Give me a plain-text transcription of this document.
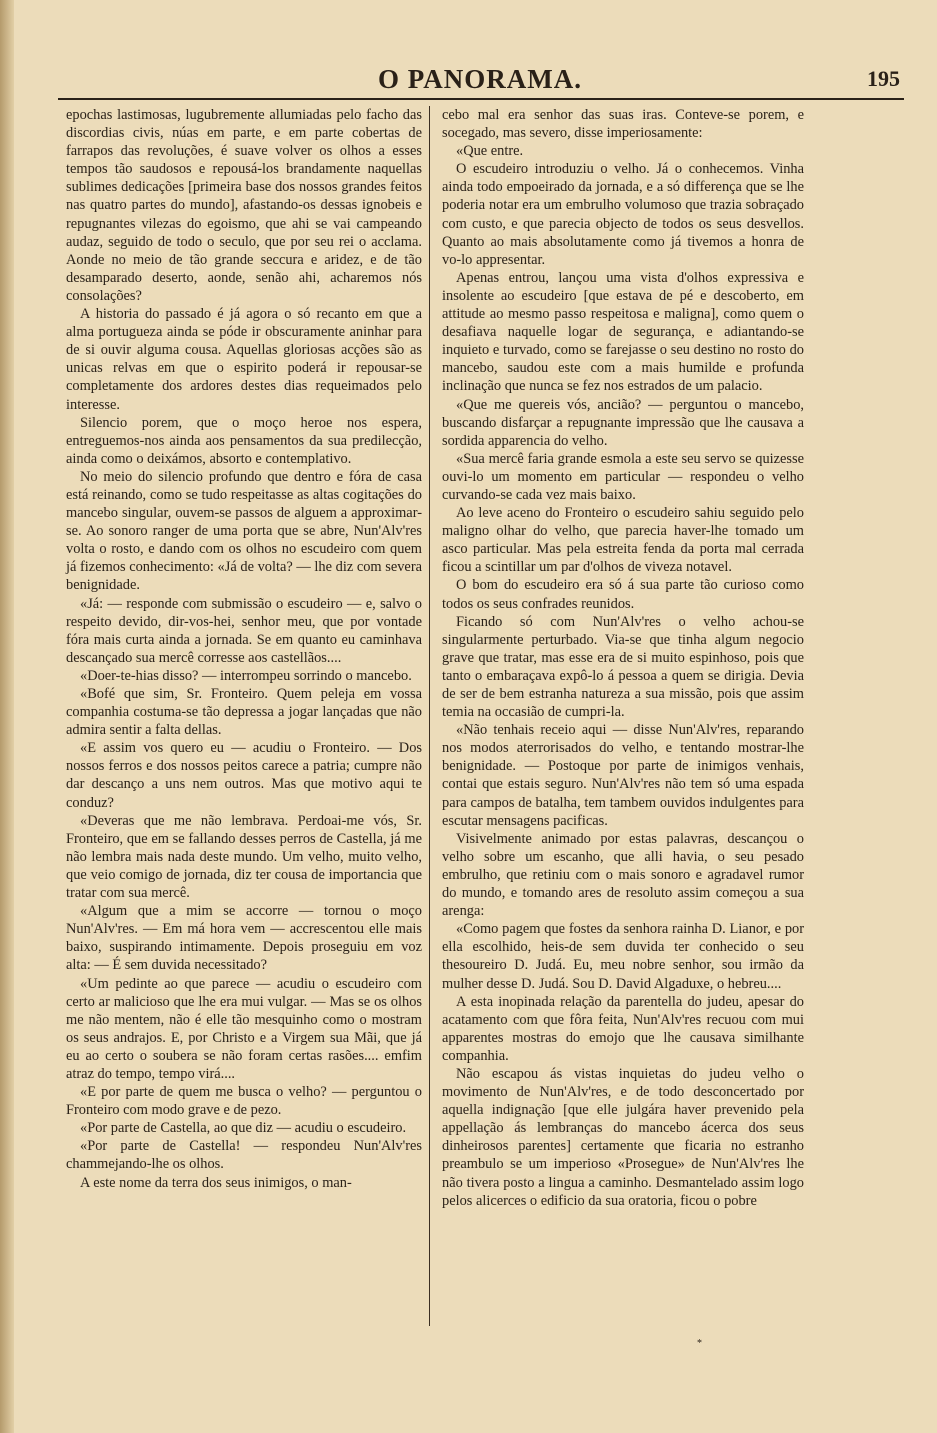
O PANORAMA.	195

epochas lastimosas, lugubremente allumiadas pelo facho das discordias civis, núas em parte, e em parte cobertas de farrapos das revoluções, é suave volver os olhos a esses tempos tão saudosos e repousá-los brandamente naquellas sublimes dedicações [primeira base dos nossos grandes feitos nas quatro partes do mundo], afastando-os dessas ignobeis e repugnantes vilezas do egoismo, que ahi se vai campeando audaz, seguido de todo o seculo, que por seu rei o acclama. Aonde no meio de tão grande seccura e aridez, e de tão desamparado deserto, aonde, senão ahi, acharemos nós consolações?

A historia do passado é já agora o só recanto em que a alma portugueza ainda se póde ir obscuramente aninhar para de si ouvir alguma cousa. Aquellas gloriosas acções são as unicas relvas em que o espirito poderá ir repousar-se completamente dos ardores destes dias requeimados pelo interesse.

Silencio porem, que o moço heroe nos espera, entreguemos-nos ainda aos pensamentos da sua predilecção, ainda como o deixámos, absorto e contemplativo.

No meio do silencio profundo que dentro e fóra de casa está reinando, como se tudo respeitasse as altas cogitações do mancebo singular, ouvem-se passos de alguem a approximar-se. Ao sonoro ranger de uma porta que se abre, Nun'Alv'res volta o rosto, e dando com os olhos no escudeiro com quem já fizemos conhecimento: «Já de volta? — lhe diz com severa benignidade.

«Já: — responde com submissão o escudeiro — e, salvo o respeito devido, dir-vos-hei, senhor meu, que por vontade fóra mais curta ainda a jornada. Se em quanto eu caminhava descançado sua mercê corresse aos castellãos....

«Doer-te-hias disso? — interrompeu sorrindo o mancebo.

«Bofé que sim, Sr. Fronteiro. Quem peleja em vossa companhia costuma-se tão depressa a jogar lançadas que não admira sentir a falta dellas.

«E assim vos quero eu — acudiu o Fronteiro. — Dos nossos ferros e dos nossos peitos carece a patria; cumpre não dar descanço a uns nem outros. Mas que motivo aqui te conduz?

«Deveras que me não lembrava. Perdoai-me vós, Sr. Fronteiro, que em se fallando desses perros de Castella, já me não lembra mais nada deste mundo. Um velho, muito velho, que veio comigo de jornada, diz ter cousa de importancia que tratar com sua mercê.

«Algum que a mim se accorre — tornou o moço Nun'Alv'res. — Em má hora vem — accrescentou elle mais baixo, suspirando intimamente. Depois proseguiu em voz alta: — É sem duvida necessitado?

«Um pedinte ao que parece — acudiu o escudeiro com certo ar malicioso que lhe era mui vulgar. — Mas se os olhos me não mentem, não é elle tão mesquinho como o mostram os seus andrajos. E, por Christo e a Virgem sua Mãi, que já eu ao certo o soubera se não foram certas rasões.... emfim atraz do tempo, tempo virá....

«E por parte de quem me busca o velho? — perguntou o Fronteiro com modo grave e de pezo.

«Por parte de Castella, ao que diz — acudiu o escudeiro.

«Por parte de Castella! — respondeu Nun'Alv'res chammejando-lhe os olhos.

A este nome da terra dos seus inimigos, o man-

cebo mal era senhor das suas iras. Conteve-se porem, e socegado, mas severo, disse imperiosamente:

«Que entre.

O escudeiro introduziu o velho. Já o conhecemos. Vinha ainda todo empoeirado da jornada, e a só differença que se lhe poderia notar era um embrulho volumoso que trazia sobraçado com custo, e que parecia objecto de todos os seus desvellos. Quanto ao mais absolutamente como já tivemos a honra de vo-lo appresentar.

Apenas entrou, lançou uma vista d'olhos expressiva e insolente ao escudeiro [que estava de pé e descoberto, em attitude ao mesmo passo respeitosa e maligna], como quem o desafiava naquelle logar de segurança, e adiantando-se inquieto e turvado, como se farejasse o seu destino no rosto do mancebo, saudou este com a mais humilde e profunda inclinação que nunca se fez nos estrados de um palacio.

«Que me quereis vós, ancião? — perguntou o mancebo, buscando disfarçar a repugnante impressão que lhe causava a sordida apparencia do velho.

«Sua mercê faria grande esmola a este seu servo se quizesse ouvi-lo um momento em particular — respondeu o velho curvando-se cada vez mais baixo.

Ao leve aceno do Fronteiro o escudeiro sahiu seguido pelo maligno olhar do velho, que parecia haver-lhe tomado um asco particular. Mas pela estreita fenda da porta mal cerrada ficou a scintillar um par d'olhos de viveza notavel.

O bom do escudeiro era só á sua parte tão curioso como todos os seus confrades reunidos.

Ficando só com Nun'Alv'res o velho achou-se singularmente perturbado. Via-se que tinha algum negocio grave que tratar, mas esse era de si muito espinhoso, pois que tanto o embaraçava expô-lo á pessoa a quem se dirigia. Devia de ser de bem estranha natureza a sua missão, pois que assim temia na occasião de cumpri-la.

«Não tenhais receio aqui — disse Nun'Alv'res, reparando nos modos aterrorisados do velho, e tentando mostrar-lhe benignidade. — Postoque por parte de inimigos venhais, contai que estais seguro. Nun'Alv'res não tem só uma espada para campos de batalha, tem tambem ouvidos indulgentes para escutar mensagens pacificas.

Visivelmente animado por estas palavras, descançou o velho sobre um escanho, que alli havia, o seu pesado embrulho, que retiniu com o mais sonoro e agradavel rumor do mundo, e tomando ares de resoluto assim começou a sua arenga:

«Como pagem que fostes da senhora rainha D. Lianor, e por ella escolhido, heis-de sem duvida ter conhecido o seu thesoureiro D. Judá. Eu, meu nobre senhor, sou irmão da mulher desse D. Judá. Sou D. David Algaduxe, o hebreu....

A esta inopinada relação da parentella do judeu, apesar do acatamento com que fôra feita, Nun'Alv'res recuou com mui apparentes mostras do emojo que lhe causava similhante companhia.

Não escapou ás vistas inquietas do judeu velho o movimento de Nun'Alv'res, e de todo desconcertado por aquella indignação [que elle julgára haver prevenido pela appellação ás lembranças do mancebo ácerca dos seus dinheirosos parentes] certamente que ficaria no estranho preambulo se um imperioso «Prosegue» de Nun'Alv'res lhe não tivera posto a lingua a caminho. Desmantelado assim logo pelos alicerces o edificio da sua oratoria, ficou o pobre

*
